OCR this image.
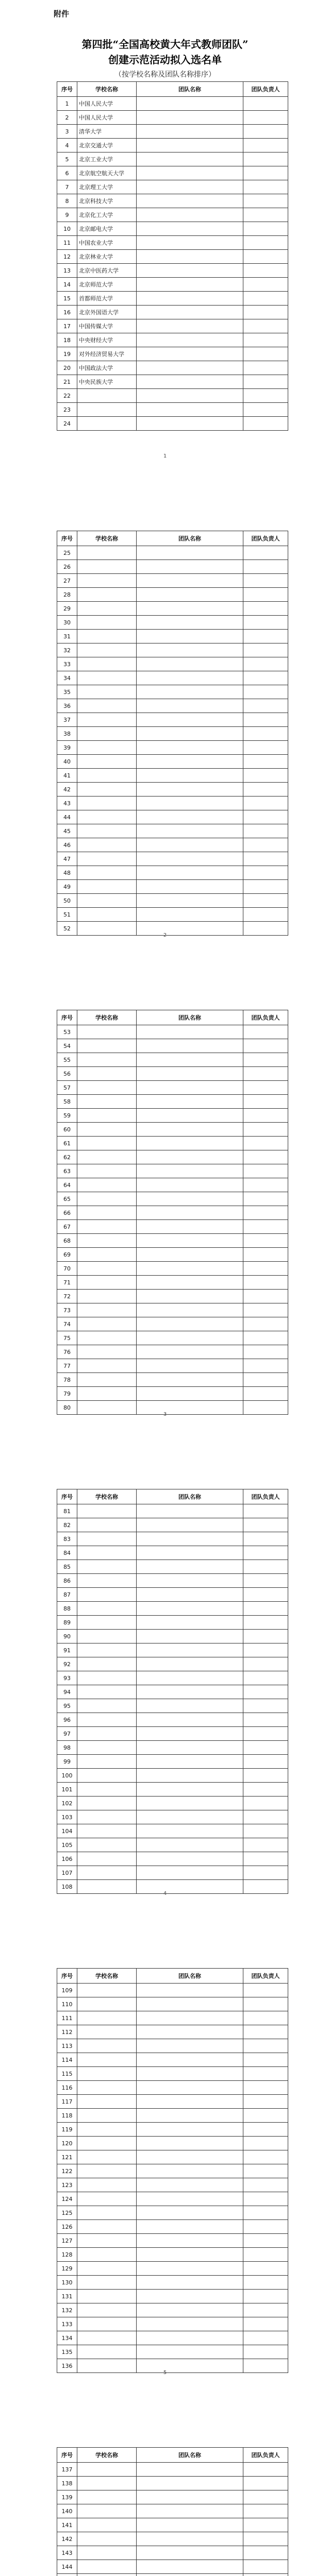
附件
第四批“全国高校黄大年式教师团队”
创建示范活动拟入选名单
（按学校名称及团队名称排序）
序号	学校名称	团队名称	团队负责人
1	中国人民大学		
2	中国人民大学		
3	清华大学		
4	北京交通大学		
5	北京工业大学		
6	北京航空航天大学		
7	北京理工大学		
8	北京科技大学		
9	北京化工大学		
10	北京邮电大学		
11	中国农业大学		
12	北京林业大学		
13	北京中医药大学		
14	北京师范大学		
15	首都师范大学		
16	北京外国语大学		
17	中国传媒大学		
18	中央财经大学		
19	对外经济贸易大学		
20	中国政法大学		
21	中央民族大学		
22			
23			
24			
1
序号	学校名称	团队名称	团队负责人
25			
26			
27			
28			
29			
30			
31			
32			
33			
34			
35			
36			
37			
38			
39			
40			
41			
42			
43			
44			
45			
46			
47			
48			
49			
50			
51			
52			
2
序号	学校名称	团队名称	团队负责人
53			
54			
55			
56			
57			
58			
59			
60			
61			
62			
63			
64			
65			
66			
67			
68			
69			
70			
71			
72			
73			
74			
75			
76			
77			
78			
79			
80			
3
序号	学校名称	团队名称	团队负责人
81			
82			
83			
84			
85			
86			
87			
88			
89			
90			
91			
92			
93			
94			
95			
96			
97			
98			
99			
100			
101			
102			
103			
104			
105			
106			
107			
108			
4
序号	学校名称	团队名称	团队负责人
109			
110			
111			
112			
113			
114			
115			
116			
117			
118			
119			
120			
121			
122			
123			
124			
125			
126			
127			
128			
129			
130			
131			
132			
133			
134			
135			
136			
5
序号	学校名称	团队名称	团队负责人
137			
138			
139			
140			
141			
142			
143			
144			
